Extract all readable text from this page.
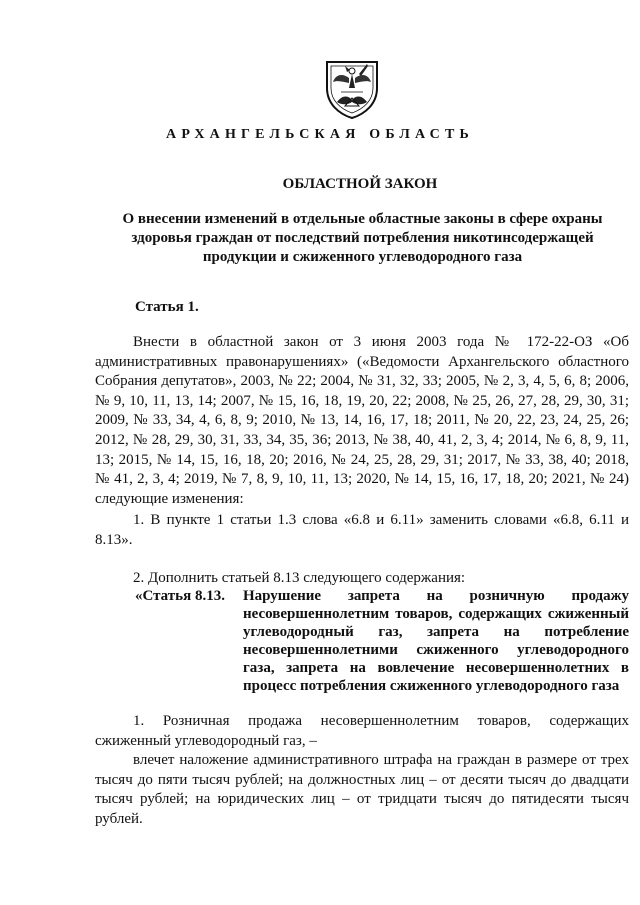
АРХАНГЕЛЬСКАЯ ОБЛАСТЬ
ОБЛАСТНОЙ ЗАКОН
О внесении изменений в отдельные областные законы в сфере охраны здоровья граждан от последствий потребления никотинсодержащей продукции и сжиженного углеводородного газа
Статья 1.
Внести в областной закон от 3 июня 2003 года № 172-22-ОЗ «Об административных правонарушениях» («Ведомости Архангельского областного Собрания депутатов», 2003, № 22; 2004, № 31, 32, 33; 2005, № 2, 3, 4, 5, 6, 8; 2006, № 9, 10, 11, 13, 14; 2007, № 15, 16, 18, 19, 20, 22; 2008, № 25, 26, 27, 28, 29, 30, 31; 2009, № 33, 34, 4, 6, 8, 9; 2010, № 13, 14, 16, 17, 18; 2011, № 20, 22, 23, 24, 25, 26; 2012, № 28, 29, 30, 31, 33, 34, 35, 36; 2013, № 38, 40, 41, 2, 3, 4; 2014, № 6, 8, 9, 11, 13; 2015, № 14, 15, 16, 18, 20; 2016, № 24, 25, 28, 29, 31; 2017, № 33, 38, 40; 2018, № 41, 2, 3, 4; 2019, № 7, 8, 9, 10, 11, 13; 2020, № 14, 15, 16, 17, 18, 20; 2021, № 24) следующие изменения:
1. В пункте 1 статьи 1.3 слова «6.8 и 6.11» заменить словами «6.8, 6.11 и 8.13».
2. Дополнить статьей 8.13 следующего содержания:
«Статья 8.13. Нарушение запрета на розничную продажу несовершеннолетним товаров, содержащих сжиженный углеводородный газ, запрета на потребление несовершеннолетними сжиженного углеводородного газа, запрета на вовлечение несовершеннолетних в процесс потребления сжиженного углеводородного газа
1. Розничная продажа несовершеннолетним товаров, содержащих сжиженный углеводородный газ, –
влечет наложение административного штрафа на граждан в размере от трех тысяч до пяти тысяч рублей; на должностных лиц – от десяти тысяч до двадцати тысяч рублей; на юридических лиц – от тридцати тысяч до пятидесяти тысяч рублей.
